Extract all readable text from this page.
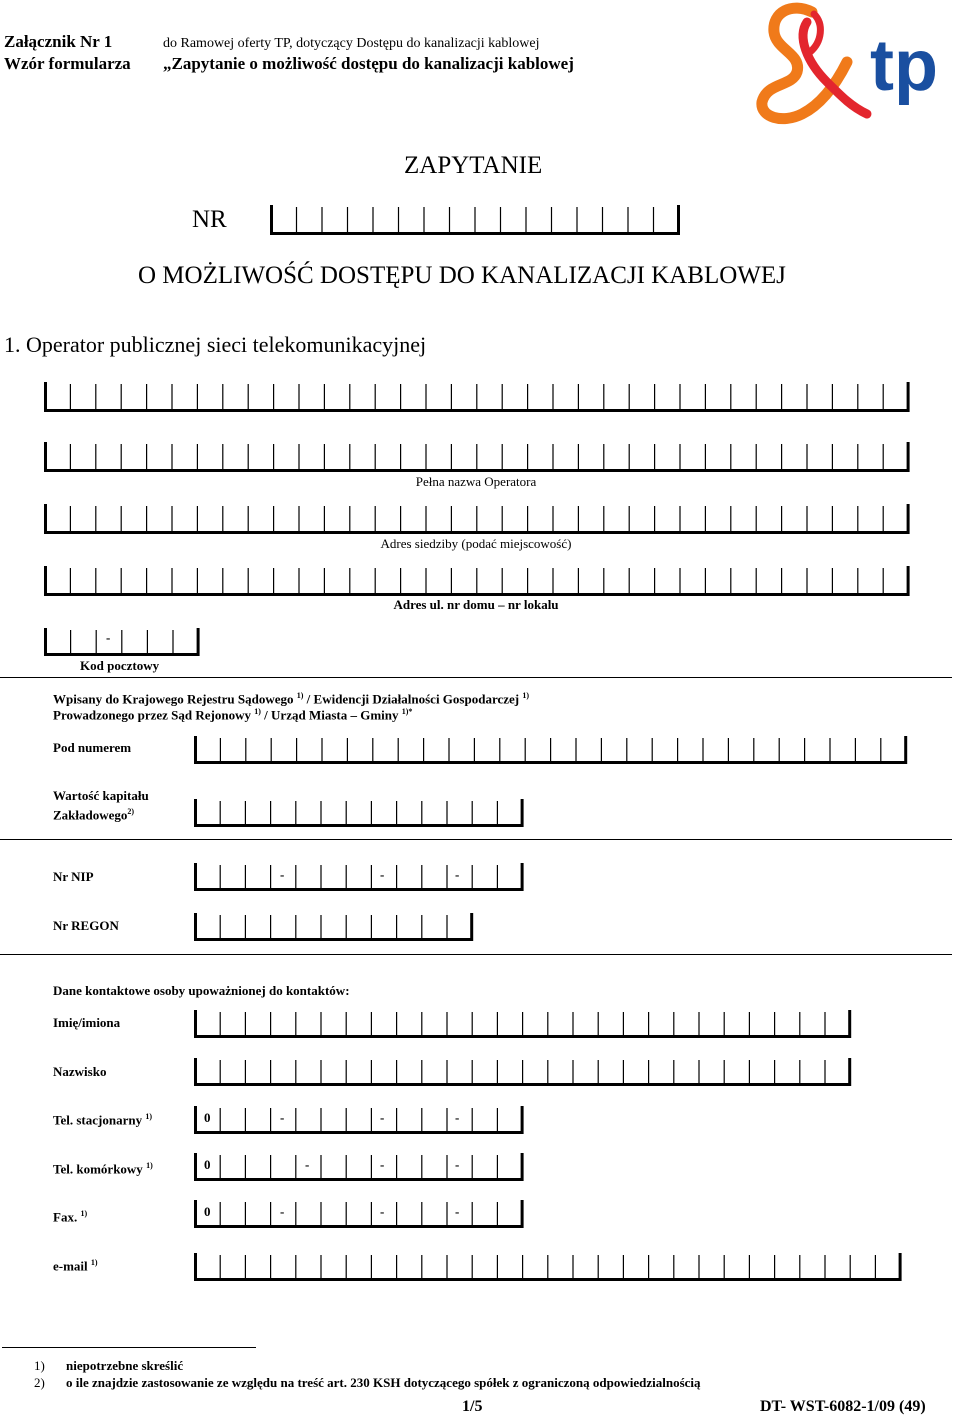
Załącznik Nr 1	do Ramowej oferty TP, dotyczący Dostępu do kanalizacji kablowej
Wzór formularza „Zapytanie o możliwość dostępu do kanalizacji kablowej	tp
ZAPYTANIE
NR
O MOŻLIWOŚĆ DOSTĘPU DO KANALIZACJI KABLOWEJ
1. Operator publicznej sieci telekomunikacyjnej
Pełna nazwa Operatora
Adres siedziby (podać miejscowość)
Adres ul. nr domu – nr lokalu
-
Kod pocztowy
Wpisany do Krajowego Rejestru Sądowego $^{1)}$ / Ewidencji Działalności Gospodarczej $^{1)}$
Prowadzonego przez Sąd Rejonowy $^{1)}$ / Urząd Miasta – Gminy $^{1)*}$
Pod numerem
Wartość kapitału
Zakładowego$^{2)}$
Nr NIP	-	-	-
Nr REGON
Dane kontaktowe osoby upoważnionej do kontaktów:
Imię/imiona
Nazwisko
Tel. stacjonarny $^{1)}$	0	-	-	-
Tel. komórkowy $^{1)}$	0	-	-	-
Fax. $^{1)}$	0	-	-	-
e-mail $^{1)}$
1) niepotrzebne skreślić
2) o ile znajdzie zastosowanie ze względu na treść art. 230 KSH dotyczącego spółek z ograniczoną odpowiedzialnością
1/5	DT- WST-6082-1/09 (49)
